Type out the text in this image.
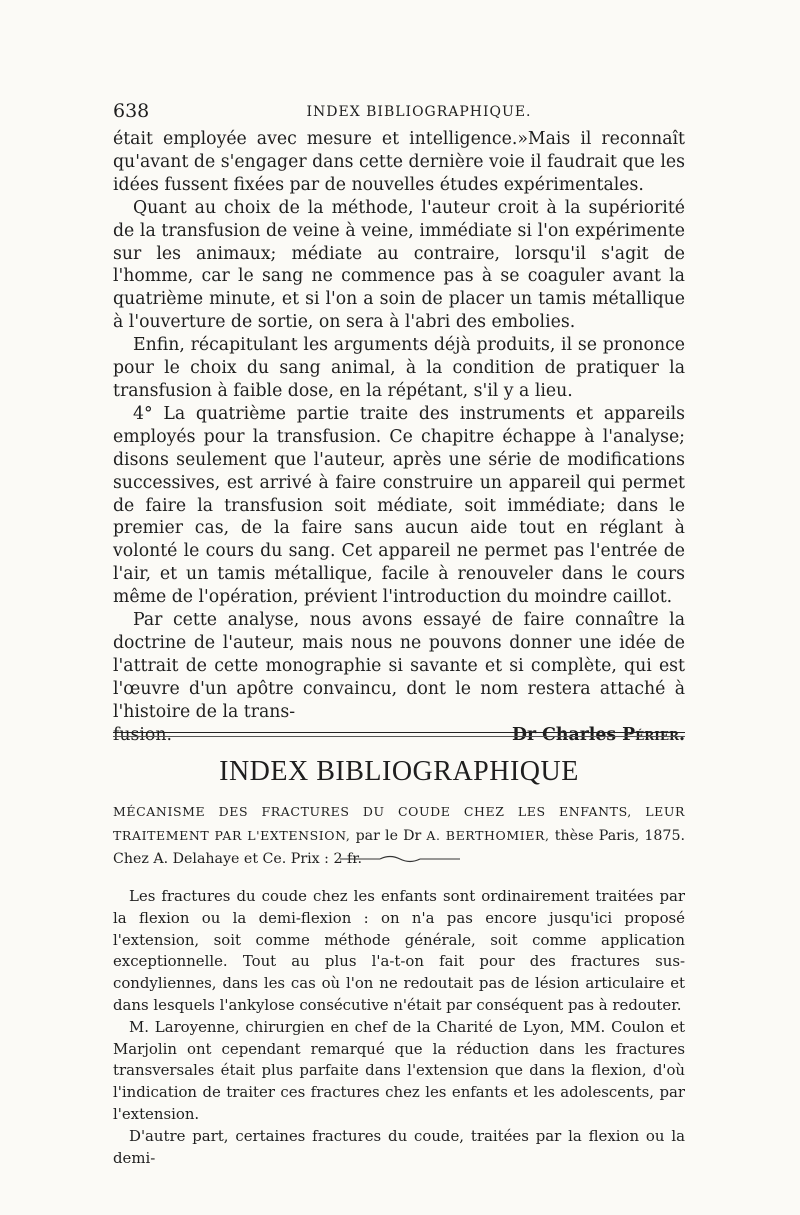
638	INDEX BIBLIOGRAPHIQUE.

était employée avec mesure et intelligence.»Mais il reconnaît qu'avant de s'engager dans cette dernière voie il faudrait que les idées fussent fixées par de nouvelles études expérimentales.

Quant au choix de la méthode, l'auteur croit à la supériorité de la transfusion de veine à veine, immédiate si l'on expérimente sur les animaux; médiate au contraire, lorsqu'il s'agit de l'homme, car le sang ne commence pas à se coaguler avant la quatrième minute, et si l'on a soin de placer un tamis métallique à l'ouverture de sortie, on sera à l'abri des embolies.

Enfin, récapitulant les arguments déjà produits, il se prononce pour le choix du sang animal, à la condition de pratiquer la transfusion à faible dose, en la répétant, s'il y a lieu.

4° La quatrième partie traite des instruments et appareils employés pour la transfusion. Ce chapitre échappe à l'analyse; disons seulement que l'auteur, après une série de modifications successives, est arrivé à faire construire un appareil qui permet de faire la transfusion soit médiate, soit immédiate; dans le premier cas, de la faire sans aucun aide tout en réglant à volonté le cours du sang. Cet appareil ne permet pas l'entrée de l'air, et un tamis métallique, facile à renouveler dans le cours même de l'opération, prévient l'introduction du moindre caillot.

Par cette analyse, nous avons essayé de faire connaître la doctrine de l'auteur, mais nous ne pouvons donner une idée de l'attrait de cette monographie si savante et si complète, qui est l'œuvre d'un apôtre convaincu, dont le nom restera attaché à l'histoire de la trans-

fusion.	Dr Charles Périer.
INDEX BIBLIOGRAPHIQUE

MÉCANISME DES FRACTURES DU COUDE CHEZ LES ENFANTS, LEUR TRAITEMENT PAR L'EXTENSION, par le Dr A. BERTHOMIER, thèse Paris, 1875. Chez A. Delahaye et Ce. Prix : 2 fr.

Les fractures du coude chez les enfants sont ordinairement traitées par la flexion ou la demi-flexion : on n'a pas encore jusqu'ici proposé l'extension, soit comme méthode générale, soit comme application exceptionnelle. Tout au plus l'a-t-on fait pour des fractures sus-condyliennes, dans les cas où l'on ne redoutait pas de lésion articulaire et dans lesquels l'ankylose consécutive n'était par conséquent pas à redouter.

M. Laroyenne, chirurgien en chef de la Charité de Lyon, MM. Coulon et Marjolin ont cependant remarqué que la réduction dans les fractures transversales était plus parfaite dans l'extension que dans la flexion, d'où l'indication de traiter ces fractures chez les enfants et les adolescents, par l'extension.

D'autre part, certaines fractures du coude, traitées par la flexion ou la demi-
